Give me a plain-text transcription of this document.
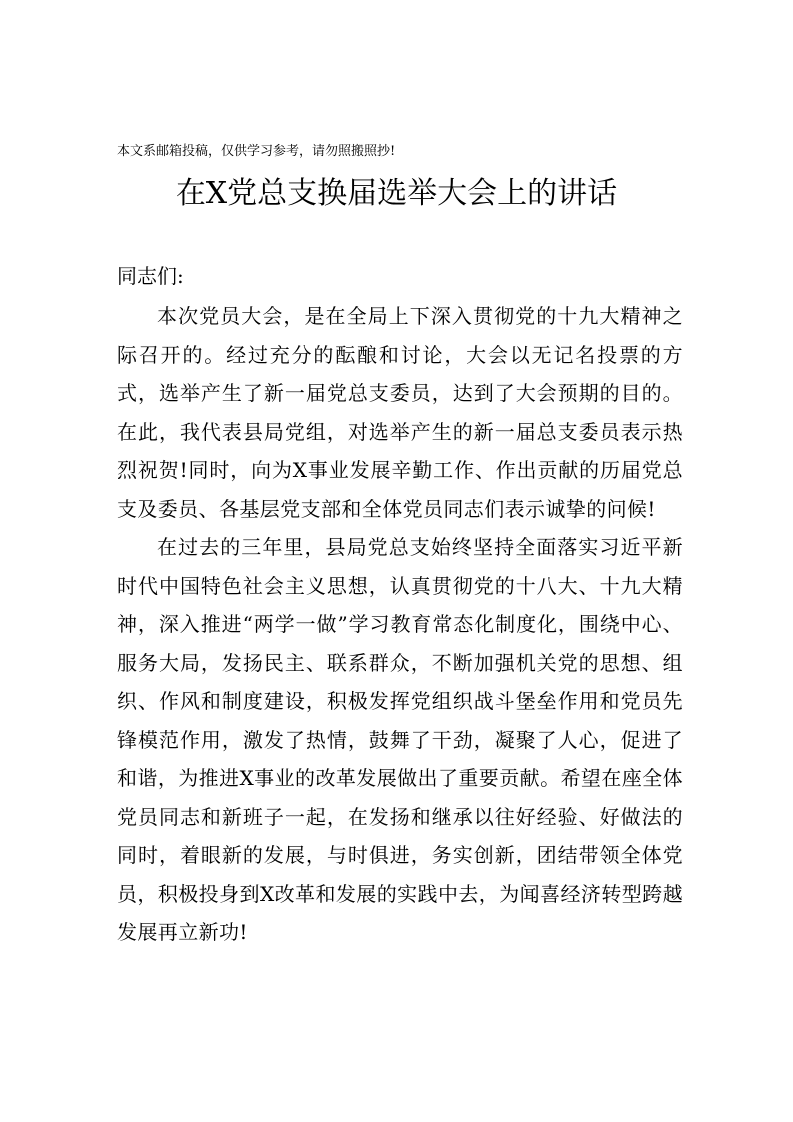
本文系邮箱投稿，仅供学习参考，请勿照搬照抄!
在X党总支换届选举大会上的讲话
同志们:

本次党员大会，是在全局上下深入贯彻党的十九大精神之际召开的。经过充分的酝酿和讨论，大会以无记名投票的方式，选举产生了新一届党总支委员，达到了大会预期的目的。在此，我代表县局党组，对选举产生的新一届总支委员表示热烈祝贺!同时，向为X事业发展辛勤工作、作出贡献的历届党总支及委员、各基层党支部和全体党员同志们表示诚挚的问候!

在过去的三年里，县局党总支始终坚持全面落实习近平新时代中国特色社会主义思想，认真贯彻党的十八大、十九大精神，深入推进“两学一做”学习教育常态化制度化，围绕中心、服务大局，发扬民主、联系群众，不断加强机关党的思想、组织、作风和制度建设，积极发挥党组织战斗堡垒作用和党员先锋模范作用，激发了热情，鼓舞了干劲，凝聚了人心，促进了和谐，为推进X事业的改革发展做出了重要贡献。希望在座全体党员同志和新班子一起，在发扬和继承以往好经验、好做法的同时，着眼新的发展，与时俱进，务实创新，团结带领全体党员，积极投身到X改革和发展的实践中去，为闻喜经济转型跨越发展再立新功!
